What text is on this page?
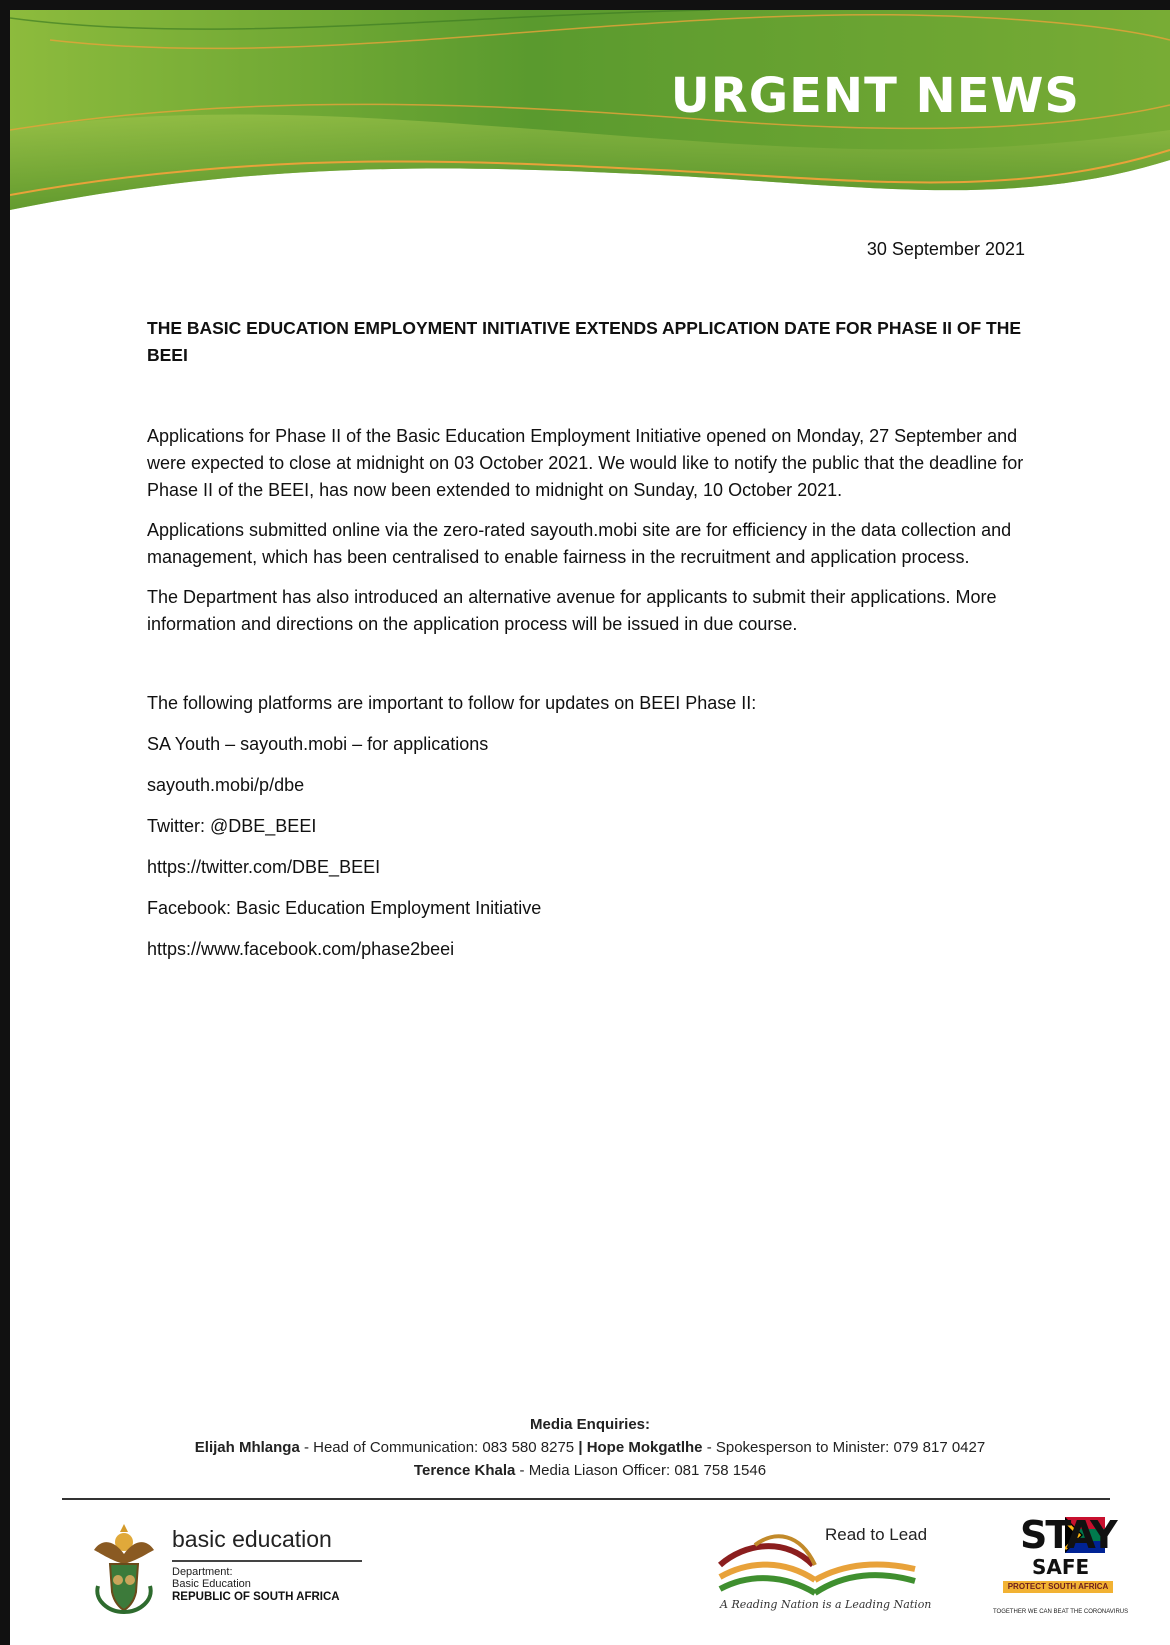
URGENT NEWS
30 September 2021

THE BASIC EDUCATION EMPLOYMENT INITIATIVE EXTENDS APPLICATION DATE FOR PHASE II OF THE BEEI

Applications for Phase II of the Basic Education Employment Initiative opened on Monday, 27 September and were expected to close at midnight on 03 October 2021. We would like to notify the public that the deadline for Phase II of the BEEI, has now been extended to midnight on Sunday, 10 October 2021.

Applications submitted online via the zero-rated sayouth.mobi site are for efficiency in the data collection and management, which has been centralised to enable fairness in the recruitment and application process.

The Department has also introduced an alternative avenue for applicants to submit their applications. More information and directions on the application process will be issued in due course.

The following platforms are important to follow for updates on BEEI Phase II:

SA Youth – sayouth.mobi – for applications

sayouth.mobi/p/dbe

Twitter: @DBE_BEEI

https://twitter.com/DBE_BEEI

Facebook: Basic Education Employment Initiative

https://www.facebook.com/phase2beei

Media Enquiries:
Elijah Mhlanga - Head of Communication: 083 580 8275 | Hope Mokgatlhe - Spokesperson to Minister: 079 817 0427
Terence Khala - Media Liason Officer: 081 758 1546
basic education
Department:
Basic Education
REPUBLIC OF SOUTH AFRICA
Read to Lead
A Reading Nation is a Leading Nation
STAY
SAFE
PROTECT SOUTH AFRICA
TOGETHER WE CAN BEAT THE CORONAVIRUS
